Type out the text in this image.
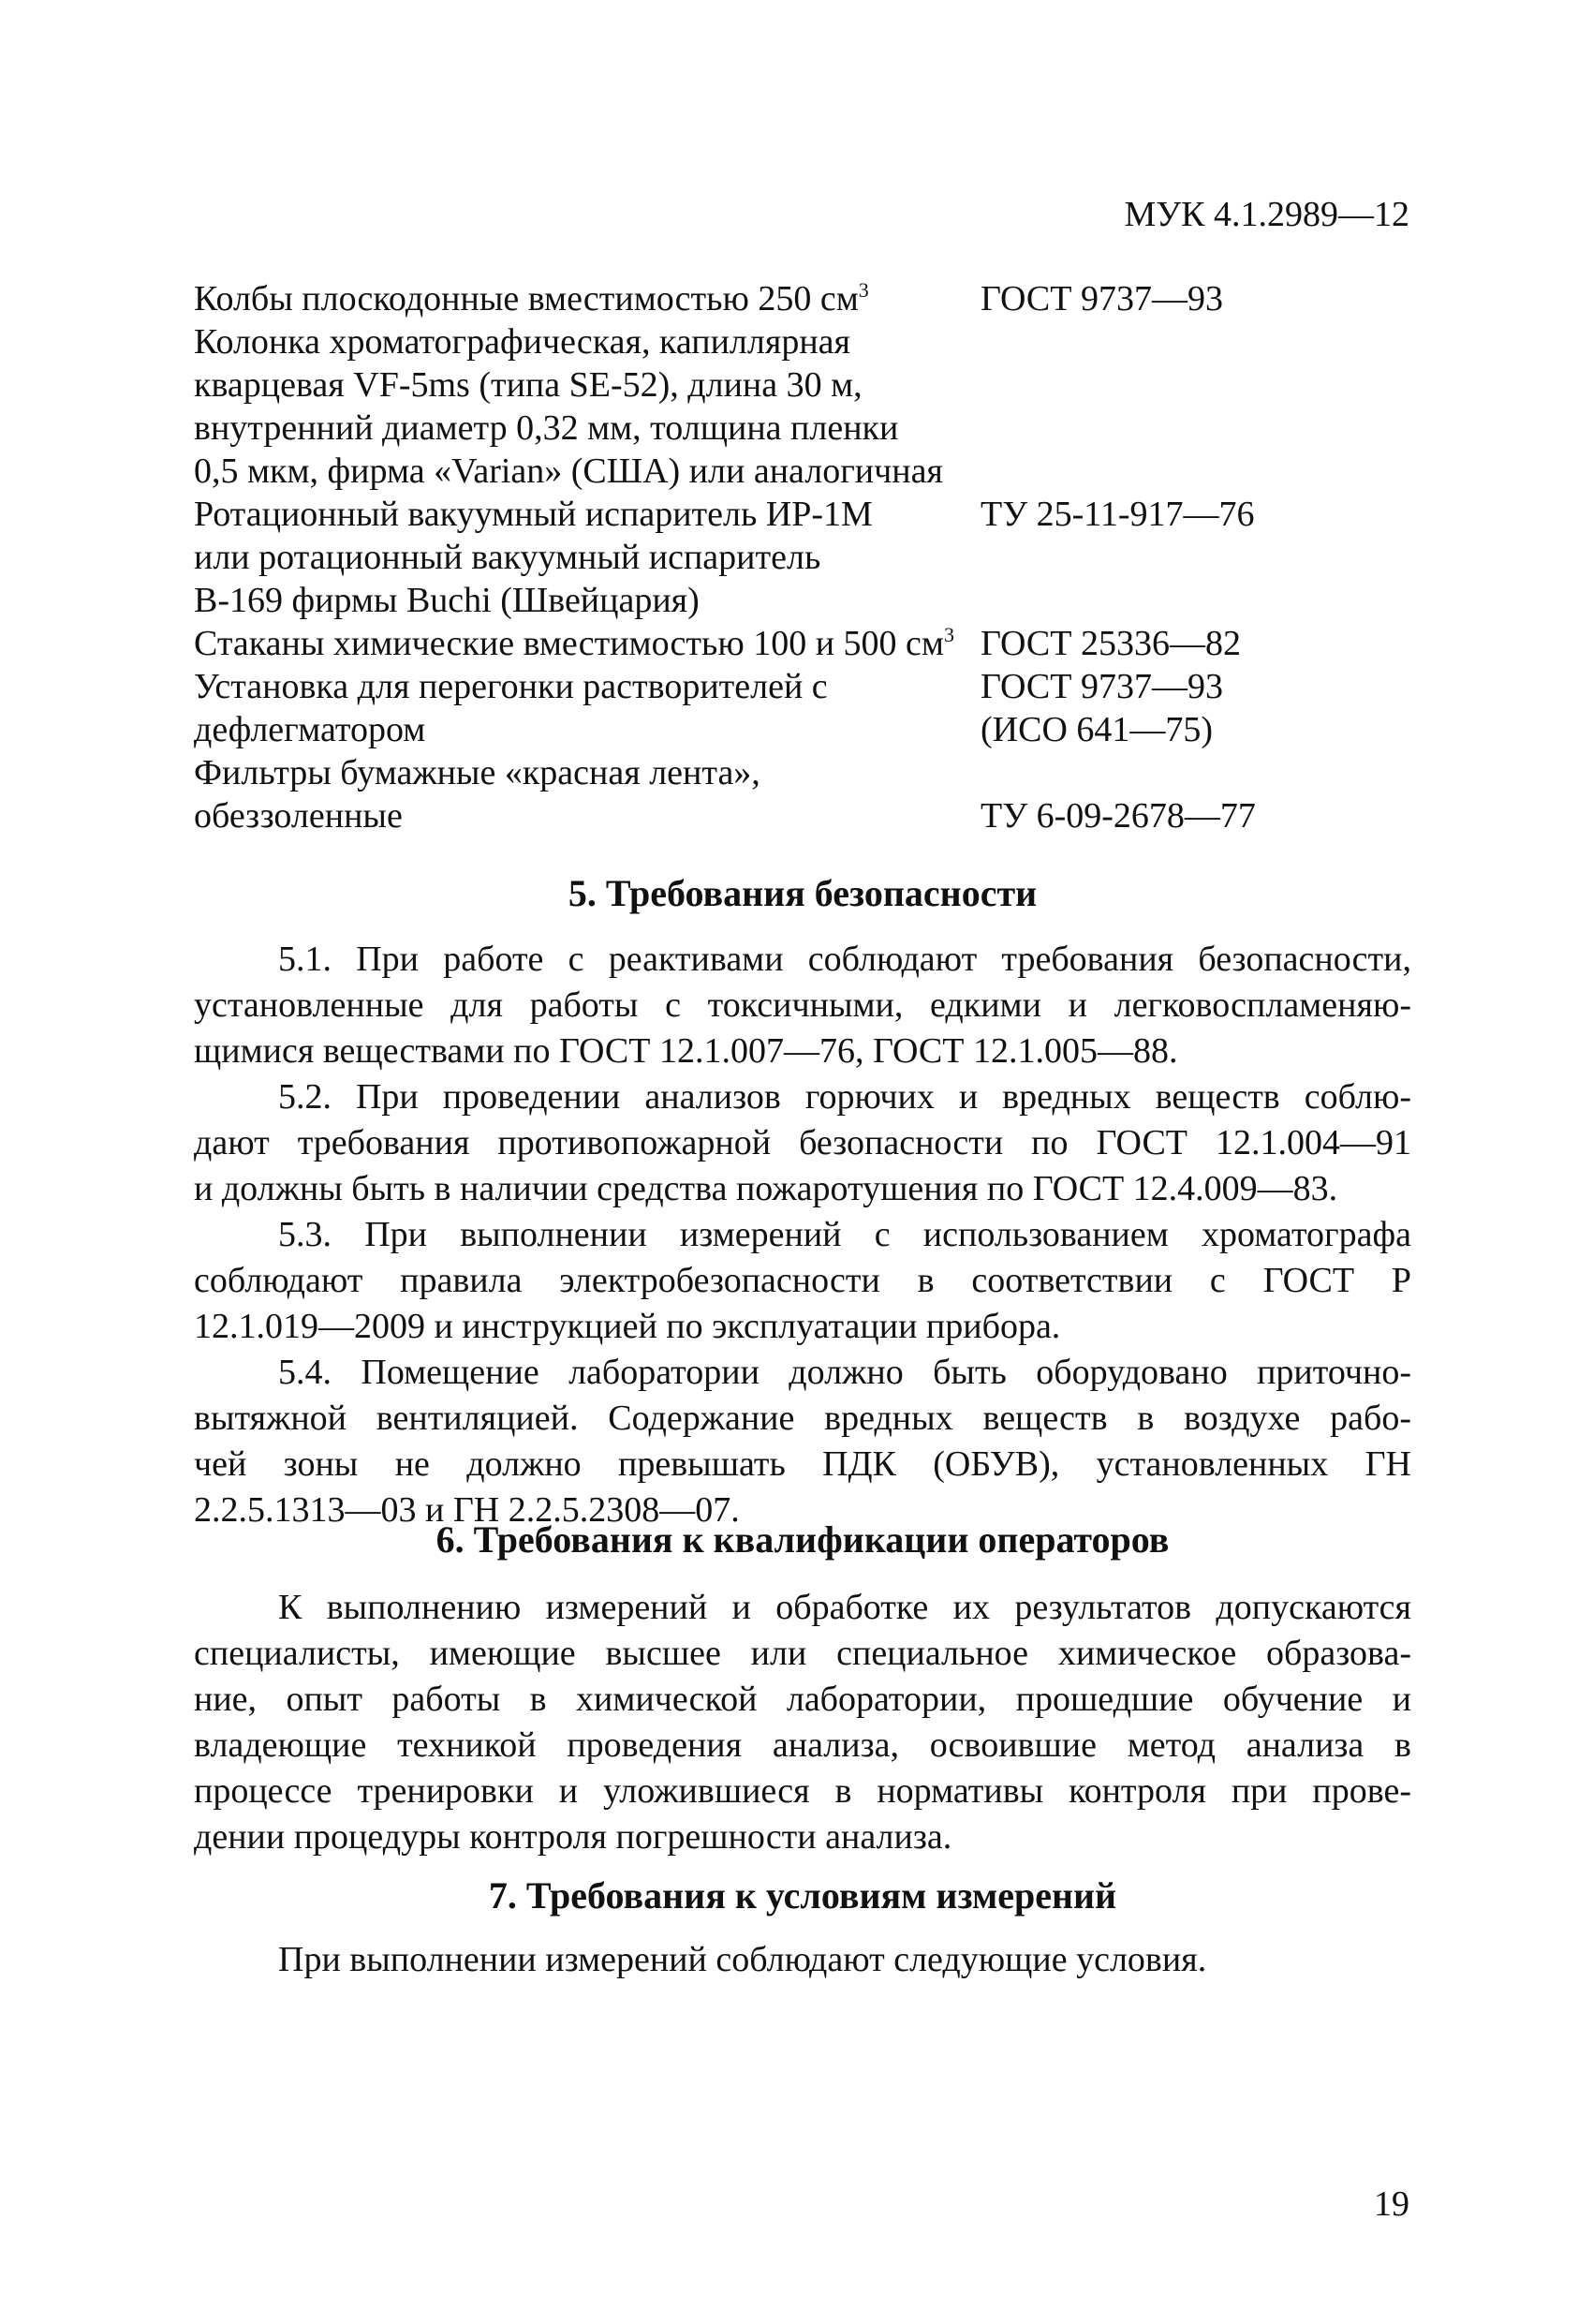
МУК 4.1.2989—12
Колбы плоскодонные вместимостью 250 $см^3$	ГОСТ 9737—93

Колонка хроматографическая, капиллярная
кварцевая VF-5ms (типа SE-52), длина 30 м,
внутренний диаметр 0,32 мм, толщина пленки
0,5 мкм, фирма «Varian» (США) или аналогичная	

Ротационный вакуумный испаритель ИР-1М
или ротационный вакуумный испаритель
В-169 фирмы Buchi (Швейцария)	ТУ 25-11-917—76

Стаканы химические вместимостью 100 и 500 $см^3$	ГОСТ 25336—82

Установка для перегонки растворителей с
дефлегматором	ГОСТ 9737—93
(ИСО 641—75)

Фильтры бумажные «красная лента»,
обеззоленные	ТУ 6-09-2678—77
5. Требования безопасности
5.1. При работе с реактивами соблюдают требования безопасности,
установленные для работы с токсичными, едкими и легковоспламеняю-
щимися веществами по ГОСТ 12.1.007—76, ГОСТ 12.1.005—88.
5.2. При проведении анализов горючих и вредных веществ соблю-
дают требования противопожарной безопасности по ГОСТ 12.1.004—91
и должны быть в наличии средства пожаротушения по ГОСТ 12.4.009—83.
5.3. При выполнении измерений с использованием хроматографа
соблюдают правила электробезопасности в соответствии с ГОСТ Р
12.1.019—2009 и инструкцией по эксплуатации прибора.
5.4. Помещение лаборатории должно быть оборудовано приточно-
вытяжной вентиляцией. Содержание вредных веществ в воздухе рабо-
чей зоны не должно превышать ПДК (ОБУВ), установленных ГН
2.2.5.1313—03 и ГН 2.2.5.2308—07.
6. Требования к квалификации операторов
К выполнению измерений и обработке их результатов допускаются
специалисты, имеющие высшее или специальное химическое образова-
ние, опыт работы в химической лаборатории, прошедшие обучение и
владеющие техникой проведения анализа, освоившие метод анализа в
процессе тренировки и уложившиеся в нормативы контроля при прове-
дении процедуры контроля погрешности анализа.
7. Требования к условиям измерений
При выполнении измерений соблюдают следующие условия.
19
